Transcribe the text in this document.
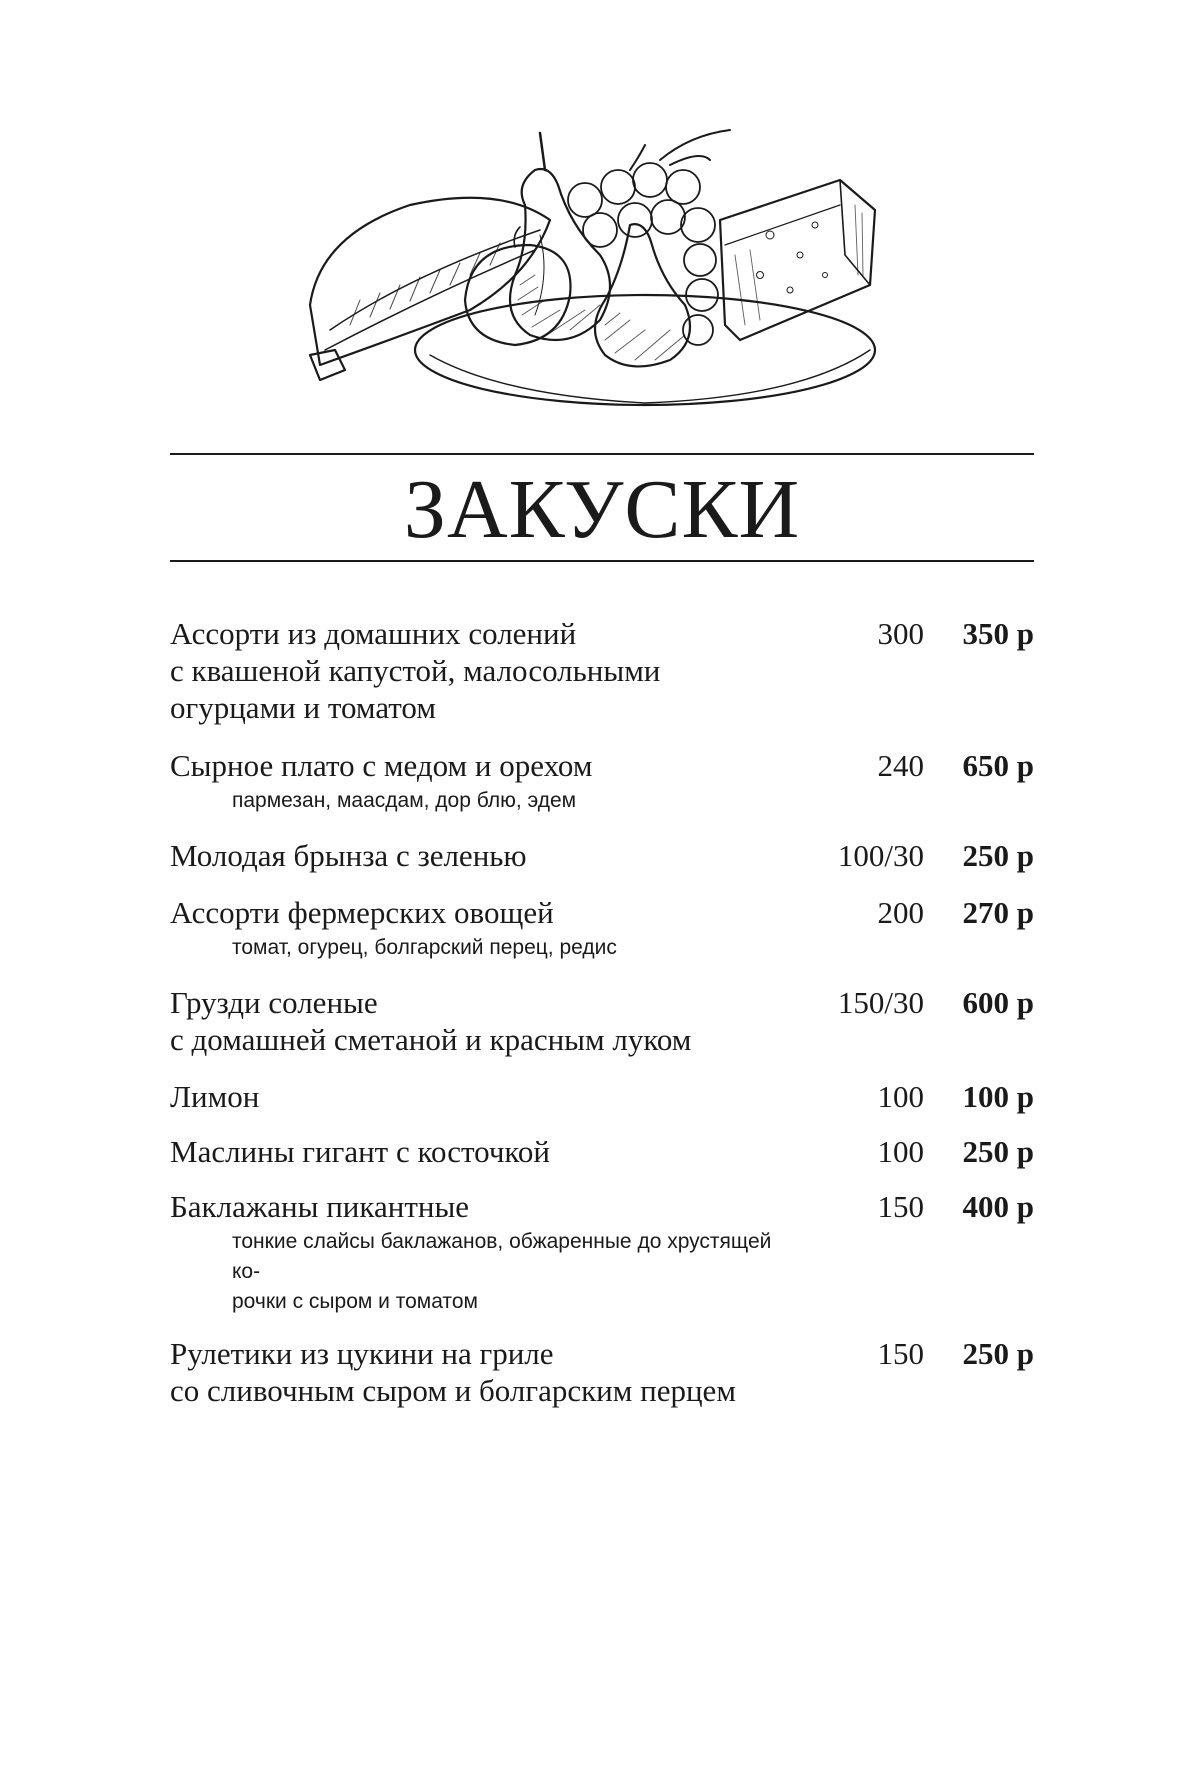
ЗАКУСКИ
Ассорти из домашних солений
с квашеной капустой, малосольными
огурцами и томатом
300	350 р
Сырное плато с медом и орехом
пармезан, маасдам, дор блю, эдем
240	650 р
Молодая брынза с зеленью	100/30	250 р
Ассорти фермерских овощей
томат, огурец, болгарский перец, редис
200	270 р
Грузди соленые
с домашней сметаной и красным луком
150/30	600 р
Лимон	100	100 р
Маслины гигант с косточкой	100	250 р
Баклажаны пикантные
тонкие слайсы баклажанов, обжаренные до хрустящей ко-
рочки с сыром и томатом
150	400 р
Рулетики из цукини на гриле
со сливочным сыром и болгарским перцем
150	250 р
